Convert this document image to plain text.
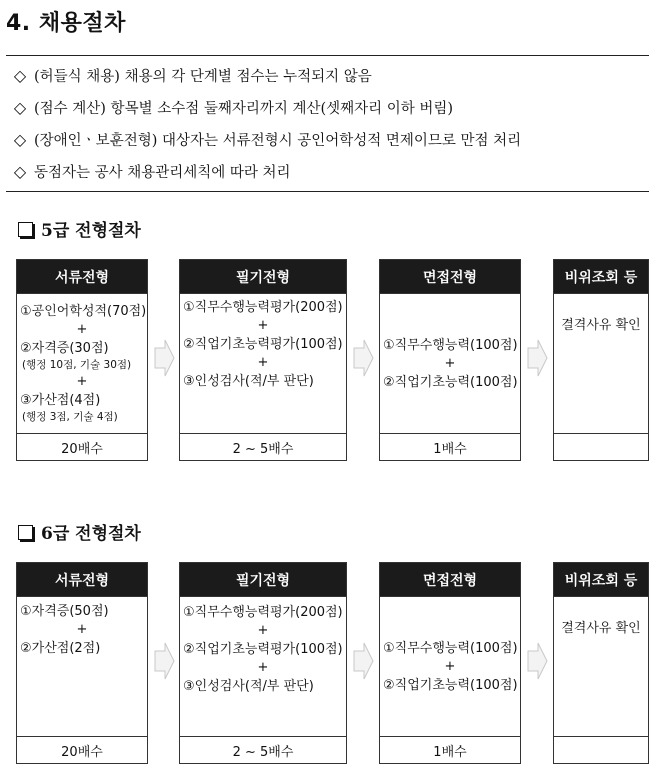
4. 채용절차
◇ (허들식 채용) 채용의 각 단계별 점수는 누적되지 않음
◇ (점수 계산) 항목별 소수점 둘째자리까지 계산(셋째자리 이하 버림)
◇ (장애인ㆍ보훈전형) 대상자는 서류전형시 공인어학성적 면제이므로 만점 처리
◇ 동점자는 공사 채용관리세칙에 따라 처리
5급 전형절차
서류전형
①공인어학성적(70점)
+
②자격증(30점)
(행정 10점, 기술 30점)
+
③가산점(4점)
(행정 3점, 기술 4점)
20배수
필기전형
①직무수행능력평가(200점)
+
②직업기초능력평가(100점)
+
③인성검사(적/부 판단)
2 ~ 5배수
면접전형
①직무수행능력(100점)
+
②직업기초능력(100점)
1배수
비위조회 등
결격사유 확인
6급 전형절차
서류전형
①자격증(50점)
+
②가산점(2점)
20배수
필기전형
①직무수행능력평가(200점)
+
②직업기초능력평가(100점)
+
③인성검사(적/부 판단)
2 ~ 5배수
면접전형
①직무수행능력(100점)
+
②직업기초능력(100점)
1배수
비위조회 등
결격사유 확인
